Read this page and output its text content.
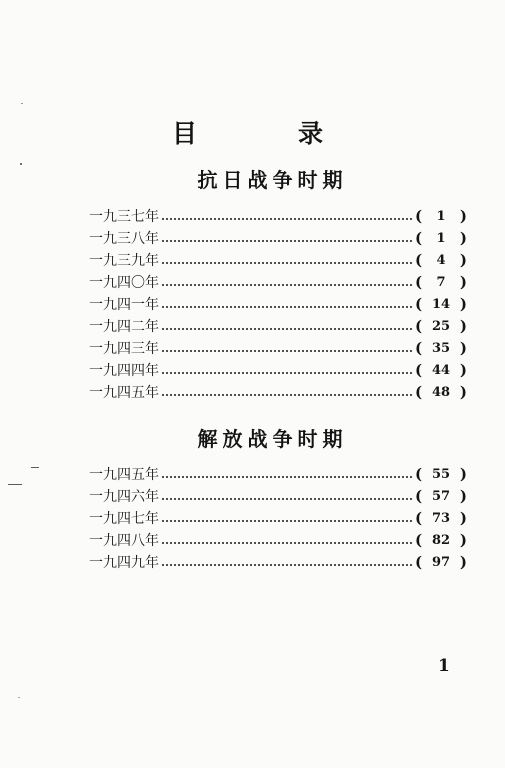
目　录
抗日战争时期
一九三七年	(	1 )
一九三八年	(	1 )
一九三九年	(	4 )
一九四〇年	(	7 )
一九四一年	( 14 )
一九四二年	( 25 )
一九四三年	( 35 )
一九四四年	( 44 )
一九四五年	( 48 )
解放战争时期
一九四五年	( 55 )
一九四六年	( 57 )
一九四七年	( 73 )
一九四八年	( 82 )
一九四九年	( 97 )
1
